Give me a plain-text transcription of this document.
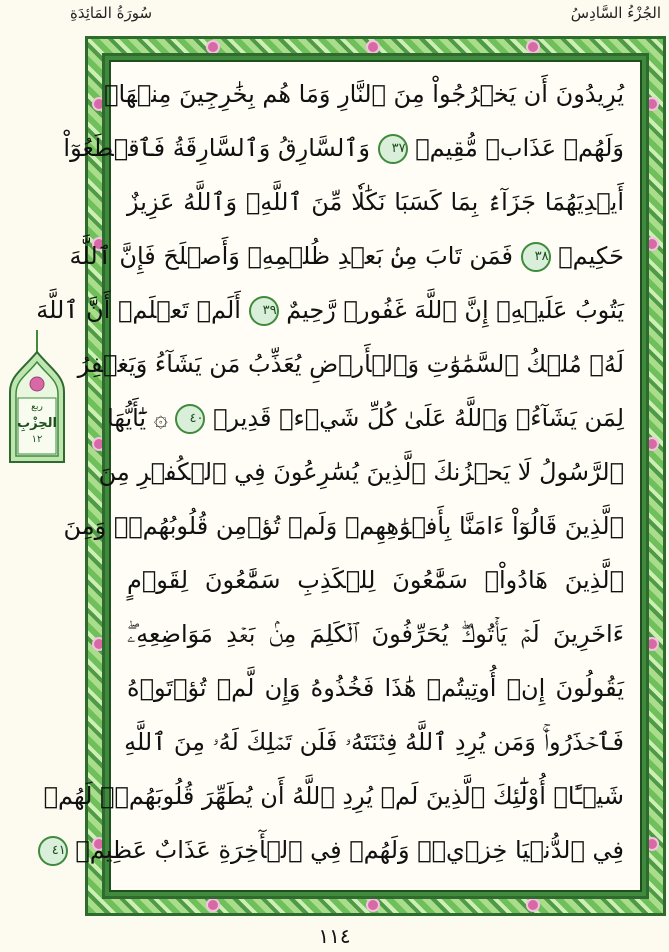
سُورَةُ المَائِدَةِ	الجُزْءُ السَّادِسُ
ربع
الحِزْبِ
١٢
يُرِيدُونَ أَن يَخۡرُجُواْ مِنَ ٱلنَّارِ وَمَا هُم بِخَٰرِجِينَ مِنۡهَاۖ
وَلَهُمۡ عَذَابٞ مُّقِيمٞ ٣٧ وَٱلسَّارِقُ وَٱلسَّارِقَةُ فَٱقۡطَعُوٓاْ
أَيۡدِيَهُمَا جَزَآءَۢ بِمَا كَسَبَا نَكَٰلٗا مِّنَ ٱللَّهِۗ وَٱللَّهُ عَزِيزٌ
حَكِيمٞ ٣٨ فَمَن تَابَ مِنۢ بَعۡدِ ظُلۡمِهِۦ وَأَصۡلَحَ فَإِنَّ ٱللَّهَ
يَتُوبُ عَلَيۡهِۚ إِنَّ ٱللَّهَ غَفُورٞ رَّحِيمٌ ٣٩ أَلَمۡ تَعۡلَمۡ أَنَّ ٱللَّهَ
لَهُۥ مُلۡكُ ٱلسَّمَٰوَٰتِ وَٱلۡأَرۡضِ يُعَذِّبُ مَن يَشَآءُ وَيَغۡفِرُ
لِمَن يَشَآءُۗ وَٱللَّهُ عَلَىٰ كُلِّ شَيۡءٖ قَدِيرٞ ٤٠ ۞ يَٰٓأَيُّهَا
ٱلرَّسُولُ لَا يَحۡزُنكَ ٱلَّذِينَ يُسَٰرِعُونَ فِي ٱلۡكُفۡرِ مِنَ
ٱلَّذِينَ قَالُوٓاْ ءَامَنَّا بِأَفۡوَٰهِهِمۡ وَلَمۡ تُؤۡمِن قُلُوبُهُمۡۛ وَمِنَ
ٱلَّذِينَ هَادُواْۛ سَمَّٰعُونَ لِلۡكَذِبِ سَمَّٰعُونَ لِقَوۡمٍ
ءَاخَرِينَ لَمۡ يَأۡتُوكَۖ يُحَرِّفُونَ ٱلۡكَلِمَ مِنۢ بَعۡدِ مَوَاضِعِهِۦۖ
يَقُولُونَ إِنۡ أُوتِيتُمۡ هَٰذَا فَخُذُوهُ وَإِن لَّمۡ تُؤۡتَوۡهُ
فَٱحۡذَرُواْۚ وَمَن يُرِدِ ٱللَّهُ فِتۡنَتَهُۥ فَلَن تَمۡلِكَ لَهُۥ مِنَ ٱللَّهِ
شَيۡـًٔاۚ أُوْلَٰٓئِكَ ٱلَّذِينَ لَمۡ يُرِدِ ٱللَّهُ أَن يُطَهِّرَ قُلُوبَهُمۡۚ لَهُمۡ
فِي ٱلدُّنۡيَا خِزۡيٞۖ وَلَهُمۡ فِي ٱلۡأٓخِرَةِ عَذَابٌ عَظِيمٞ ٤١
١١٤
